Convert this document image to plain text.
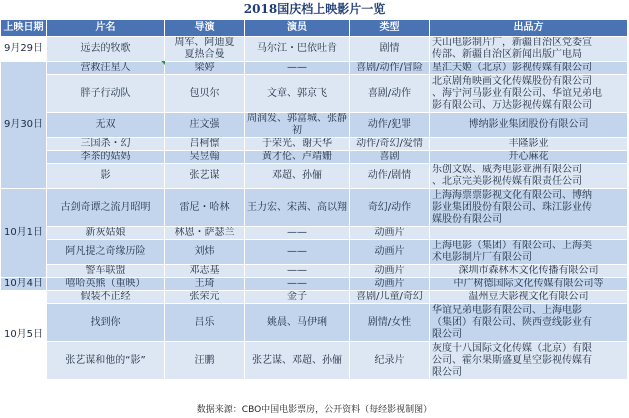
2018国庆档上映影片一览
上映日期	片名	导演	演员	类型	出品方
9月29日	远去的牧歌	周军、阿迪夏
夏热合曼	马尔江・巴依吐肯	剧情	天山电影制片厂，新疆自治区党委宣
传部、新疆自治区新闻出版广电局
9月30日	营救汪星人	梁婷	——	喜剧/动作/冒险	星汇天姬（北京）影视传媒有限公司
	胖子行动队	包贝尔	文章、郭京飞	喜剧/动作	北京剧角映画文化传媒股份有限公司
、海宁河马影业有限公司、华谊兄弟电
影有限公司、万达影视传媒有限公司
	无双	庄文强	周润发、郭富城、张静
初	动作/犯罪	博纳影业集团股份有限公司
	三国杀・幻	吕柯懔	于荣光、谢天华	动作/奇幻/爱情	丰隆影业
	李茶的姑妈	吴昱翰	黄才伦、卢靖姗	喜剧	开心麻花
	影	张艺谋	邓超、孙俪	动作/剧情	乐创文娱、威秀电影亚洲有限公司
、北京完美影视传媒有限责任公司
10月1日	古剑奇谭之流月昭明	雷尼・哈林	王力宏、宋茜、高以翔	奇幻/动作	上海海票票影视文化有限公司、博纳
影业集团股份有限公司、珠江影业传
媒股份有限公司
	新灰姑娘	林恩・萨瑟兰	——	动画片	
	阿凡提之奇缘历险	刘炜	——	动画片	上海电影（集团）有限公司、上海美
术电影制片厂有限公司
	警车联盟	邓志基	——	动画片	深圳市森林木文化传播有限公司
10月4日	嘻哈英熊（重映）	王琦	——	动画片	中广树德国际文化传媒有限公司等
10月5日	假装不正经	张荣元	金子	喜剧/儿童/奇幻	温州豆夫影视文化有限公司
	找到你	吕乐	姚晨、马伊琍	剧情/女性	华谊兄弟电影有限公司、上海电影
（集团）有限公司、陕西壹线影业有
限公司
	张艺谋和他的“影”	汪鹏	张艺谋、邓超、孙俪	纪录片	灰度十八国际文化传媒（北京）有限
公司、霍尔果斯盛夏星空影视传媒有
限公司
数据来源：CBO中国电影票房，公开资料（每经影视制图）
